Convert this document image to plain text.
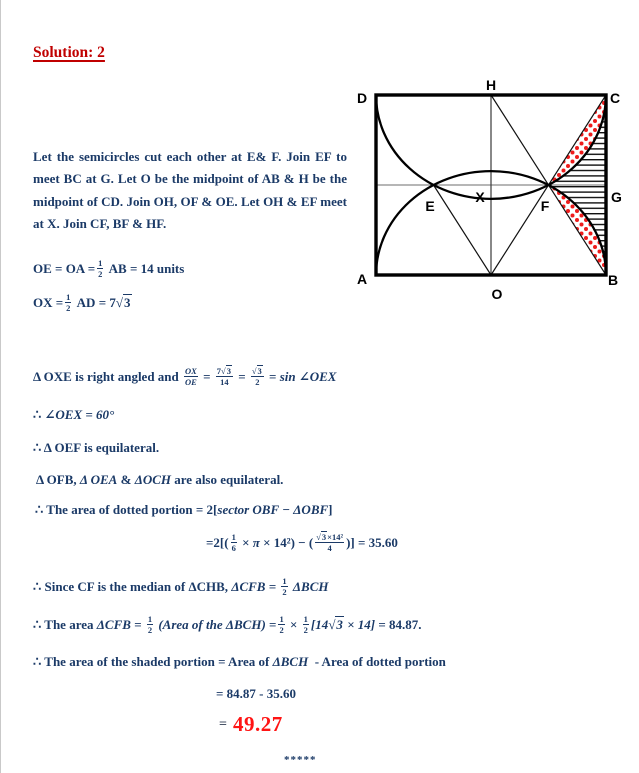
Solution: 2

Let the semicircles cut each other at E& F. Join EF to meet BC at G. Let O be the midpoint of AB & H be the midpoint of CD. Join OH, OF & OE. Let OH & EF meet at X. Join CF, BF & HF.

OE = OA = $\frac{1}{2}$ AB = 14 units
OX = $\frac{1}{2}$ AD = 7√3
Δ OXE is right angled and $\frac{OX}{OE} = \frac{7√3}{14} = \frac{√3}{2} = \sin$ ∠OEX
∴ ∠OEX = 60°
∴ Δ OEF is equilateral.
Δ OFB, Δ OEA & ΔOCH are also equilateral.
∴ The area of dotted portion = 2[ sector OBF − ΔOBF ]
$=2[( \frac{1}{6} \times \pi \times 14^2)$ − ( $\frac{\text{√3×14²}}{4}$ )] = 35.60
∴ Since CF is the median of ΔCHB, $\Delta CFB = \frac{1}{2}$ ΔBCH
∴ The area $\Delta CFB = \frac{1}{2}$ (Area of the $\Delta BCH) = \frac{1}{2} \times \frac{1}{2} [14√3 \times 14] = 84.87$.
∴ The area of the shaded portion = Area of ΔBCH - Area of dotted portion
= 84.87 - 35.60
= 49.27
*****
D
H
C
A	B
O
G
E	F
X
